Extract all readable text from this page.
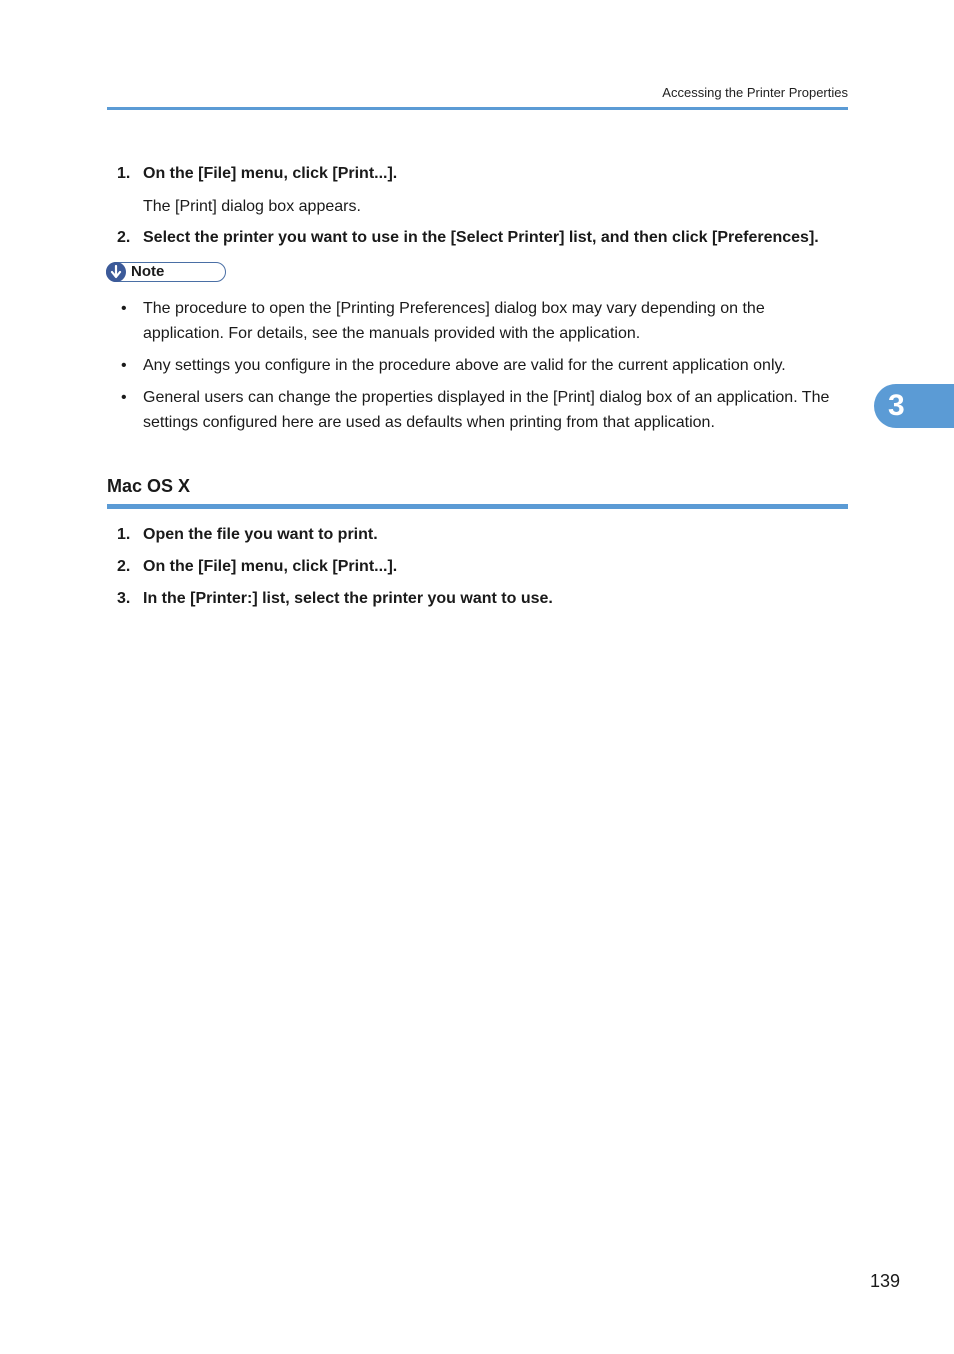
Accessing the Printer Properties
1. On the [File] menu, click [Print...].
The [Print] dialog box appears.
2. Select the printer you want to use in the [Select Printer] list, and then click [Preferences].
Note
• The procedure to open the [Printing Preferences] dialog box may vary depending on the
application. For details, see the manuals provided with the application.
• Any settings you configure in the procedure above are valid for the current application only.
• General users can change the properties displayed in the [Print] dialog box of an application. The
settings configured here are used as defaults when printing from that application.
Mac OS X
1. Open the file you want to print.
2. On the [File] menu, click [Print...].
3. In the [Printer:] list, select the printer you want to use.
3
139
